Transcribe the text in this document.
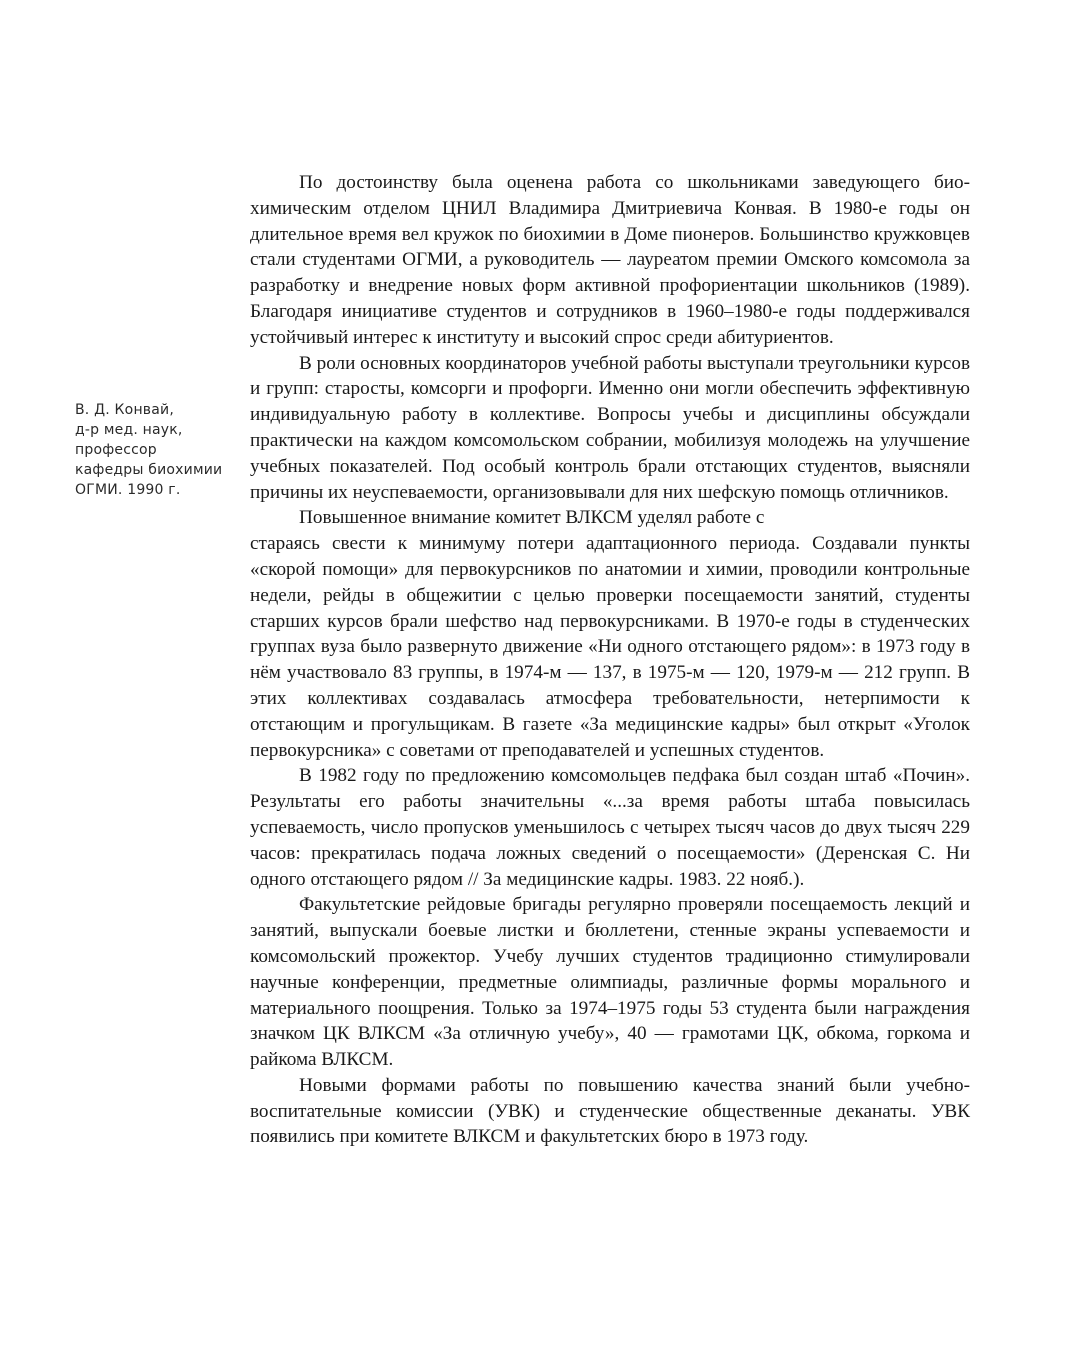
В. Д. Конвай,
д-р мед. наук,
профессор
кафедры биохимии
ОГМИ. 1990 г.

По достоинству была оценена работа со школьниками заведующего биохимическим отделом ЦНИЛ Владимира Дмитриевича Конвая. В 1980-е годы он длительное время вел кружок по биохимии в Доме пионеров. Большинство кружковцев стали студентами ОГМИ, а руководитель — лауреатом премии Омского комсомола за разработку и внедрение новых форм активной профориентации школьников (1989). Благодаря инициативе студентов и сотрудников в 1960–1980-е годы поддерживался устойчивый интерес к институту и высокий спрос среди абитуриентов.

В роли основных координаторов учебной работы выступали треугольники курсов и групп: старосты, комсорги и профорги. Именно они могли обеспечить эффективную индивидуальную работу в коллективе. Вопросы учебы и дисциплины обсуждали практически на каждом комсомольском собрании, мобилизуя молодежь на улучшение учебных показателей. Под особый контроль брали отстающих студентов, выясняли причины их неуспеваемости, организовывали для них шефскую помощь отличников.

Повышенное внимание комитет ВЛКСМ уделял работе с

стараясь свести к минимуму потери адаптационного периода. Создавали пункты «скорой помощи» для первокурсников по анатомии и химии, проводили контрольные недели, рейды в общежитии с целью проверки посещаемости занятий, студенты старших курсов брали шефство над первокурсниками. В 1970-е годы в студенческих группах вуза было развернуто движение «Ни одного отстающего рядом»: в 1973 году в нём участвовало 83 группы, в 1974-м — 137, в 1975-м — 120, 1979-м — 212 групп. В этих коллективах создавалась атмосфера требовательности, нетерпимости к отстающим и прогульщикам. В газете «За медицинские кадры» был открыт «Уголок первокурсника» с советами от преподавателей и успешных студентов.

В 1982 году по предложению комсомольцев педфака был создан штаб «Почин». Результаты его работы значительны «...за время работы штаба повысилась успеваемость, число пропусков уменьшилось с четырех тысяч часов до двух тысяч 229 часов: прекратилась подача ложных сведений о посещаемости» (Деренская С. Ни одного отстающего рядом // За медицинские кадры. 1983. 22 нояб.).

Факультетские рейдовые бригады регулярно проверяли посещаемость лекций и занятий, выпускали боевые листки и бюллетени, стенные экраны успеваемости и комсомольский прожектор. Учебу лучших студентов традиционно стимулировали научные конференции, предметные олимпиады, различные формы морального и материального поощрения. Только за 1974–1975 годы 53 студента были награждения значком ЦК ВЛКСМ «За отличную учебу», 40 — грамотами ЦК, обкома, горкома и райкома ВЛКСМ.

Новыми формами работы по повышению качества знаний были учебно-воспитательные комиссии (УВК) и студенческие общественные деканаты. УВК появились при комитете ВЛКСМ и факультетских бюро в 1973 году.
